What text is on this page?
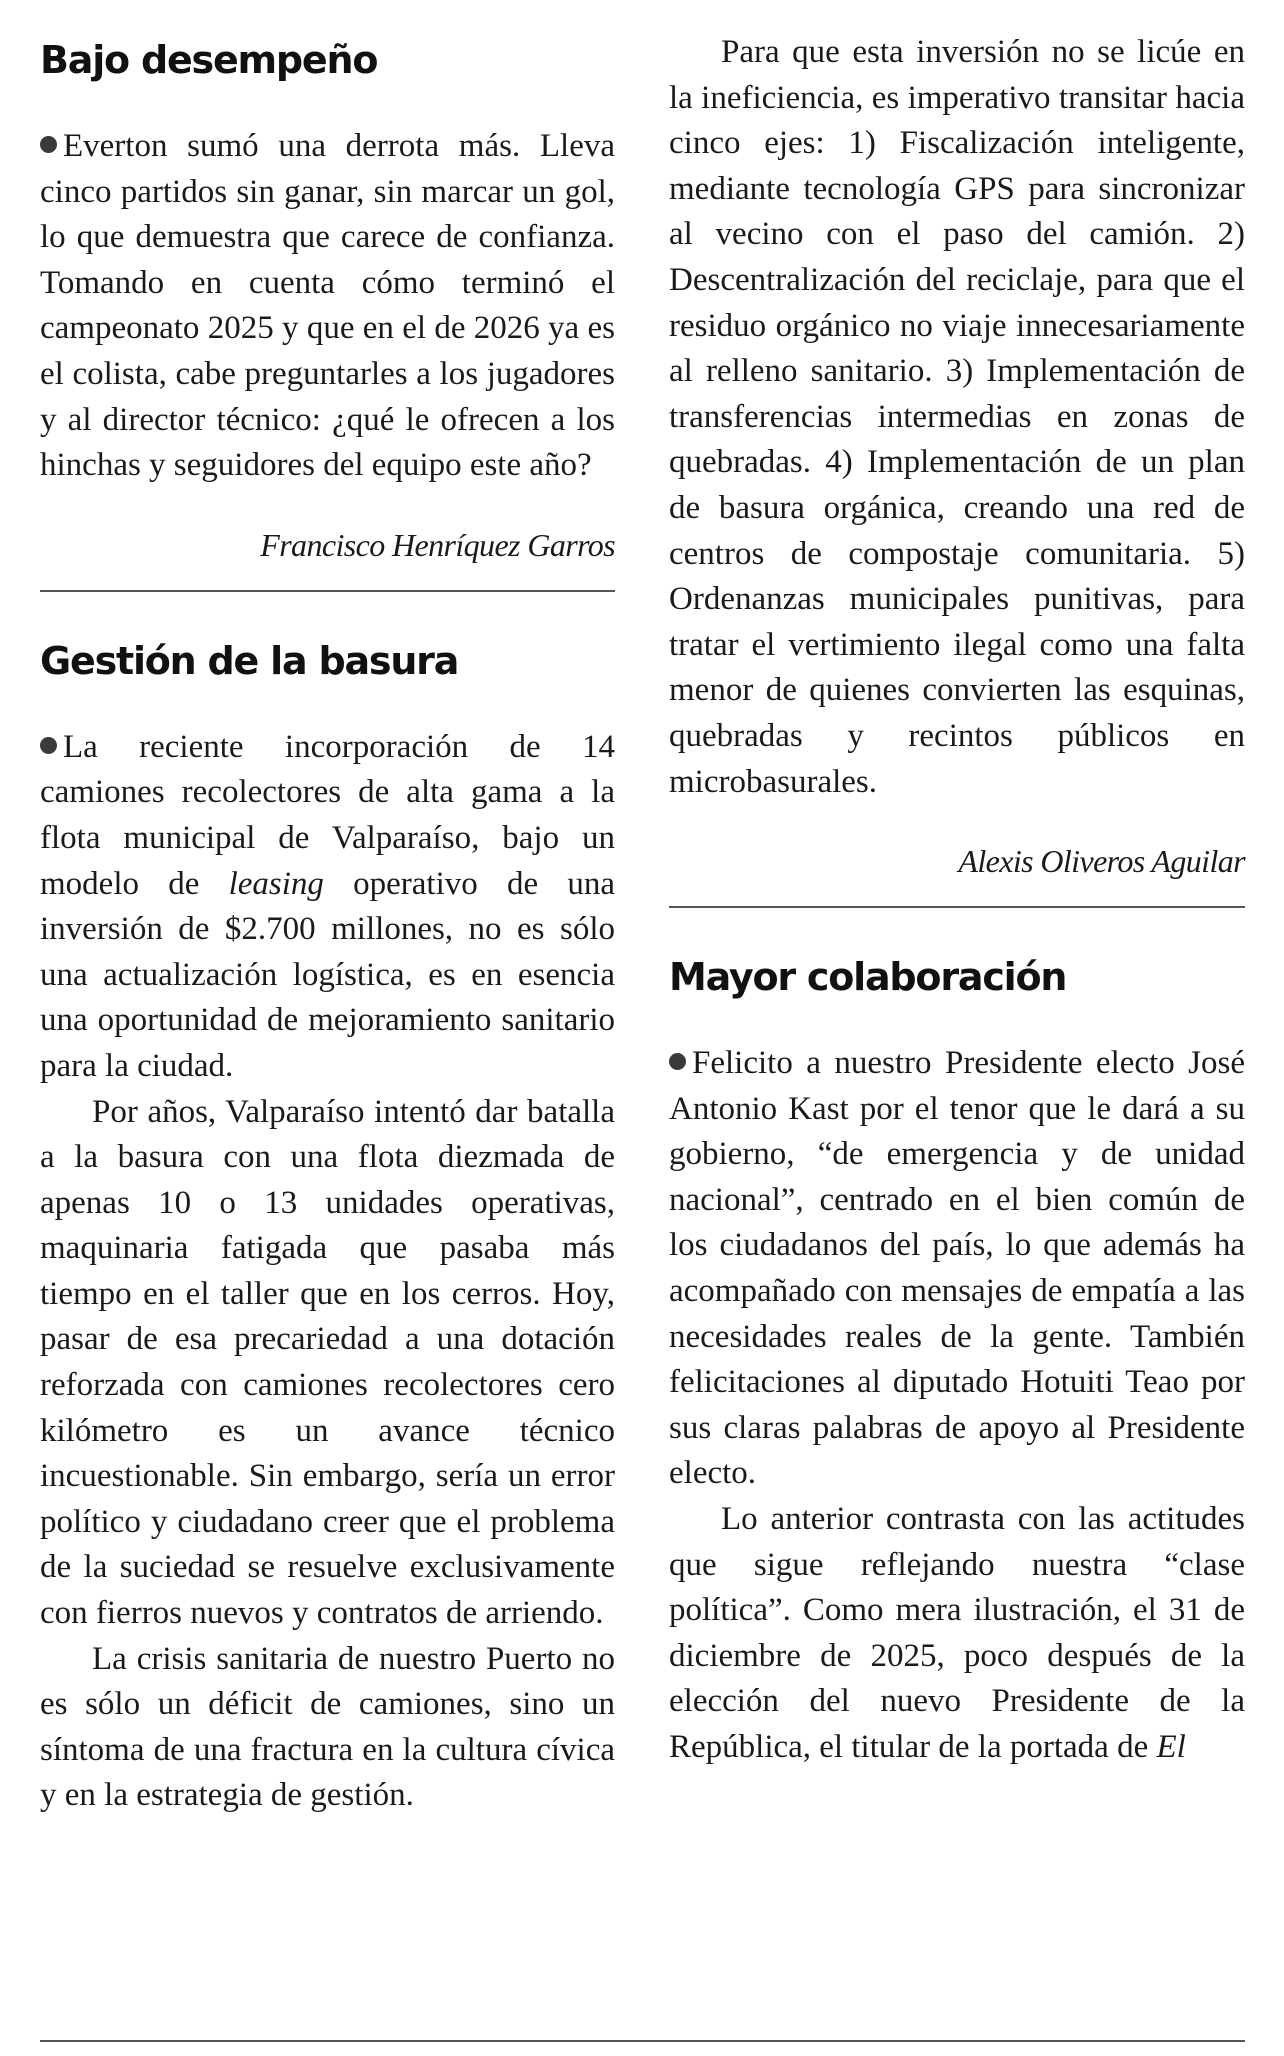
Bajo desempeño

Everton sumó una derrota más. Lleva cinco partidos sin ganar, sin marcar un gol, lo que demuestra que carece de confianza. Tomando en cuenta cómo terminó el campeonato 2025 y que en el de 2026 ya es el colista, cabe preguntarles a los jugadores y al director técnico: ¿qué le ofrecen a los hinchas y seguidores del equipo este año?

Francisco Henríquez Garros

Gestión de la basura

La reciente incorporación de 14 camiones recolectores de alta gama a la flota municipal de Valparaíso, bajo un modelo de leasing operativo de una inversión de $2.700 millones, no es sólo una actualización logística, es en esencia una oportunidad de mejoramiento sanitario para la ciudad.

Por años, Valparaíso intentó dar batalla a la basura con una flota diezmada de apenas 10 o 13 unidades operativas, maquinaria fatigada que pasaba más tiempo en el taller que en los cerros. Hoy, pasar de esa precariedad a una dotación reforzada con camiones recolectores cero kilómetro es un avance técnico incuestionable. Sin embargo, sería un error político y ciudadano creer que el problema de la suciedad se resuelve exclusivamente con fierros nuevos y contratos de arriendo.

La crisis sanitaria de nuestro Puerto no es sólo un déficit de camiones, sino un síntoma de una fractura en la cultura cívica y en la estrategia de gestión.

Para que esta inversión no se licúe en la ineficiencia, es imperativo transitar hacia cinco ejes: 1) Fiscalización inteligente, mediante tecnología GPS para sincronizar al vecino con el paso del camión. 2) Descentralización del reciclaje, para que el residuo orgánico no viaje innecesariamente al relleno sanitario. 3) Implementación de transferencias intermedias en zonas de quebradas. 4) Implementación de un plan de basura orgánica, creando una red de centros de compostaje comunitaria. 5) Ordenanzas municipales punitivas, para tratar el vertimiento ilegal como una falta menor de quienes convierten las esquinas, quebradas y recintos públicos en microbasurales.

Alexis Oliveros Aguilar

Mayor colaboración

Felicito a nuestro Presidente electo José Antonio Kast por el tenor que le dará a su gobierno, “de emergencia y de unidad nacional”, centrado en el bien común de los ciudadanos del país, lo que además ha acompañado con mensajes de empatía a las necesidades reales de la gente. También felicitaciones al diputado Hotuiti Teao por sus claras palabras de apoyo al Presidente electo.

Lo anterior contrasta con las actitudes que sigue reflejando nuestra “clase política”. Como mera ilustración, el 31 de diciembre de 2025, poco después de la elección del nuevo Presidente de la República, el titular de la portada de El
